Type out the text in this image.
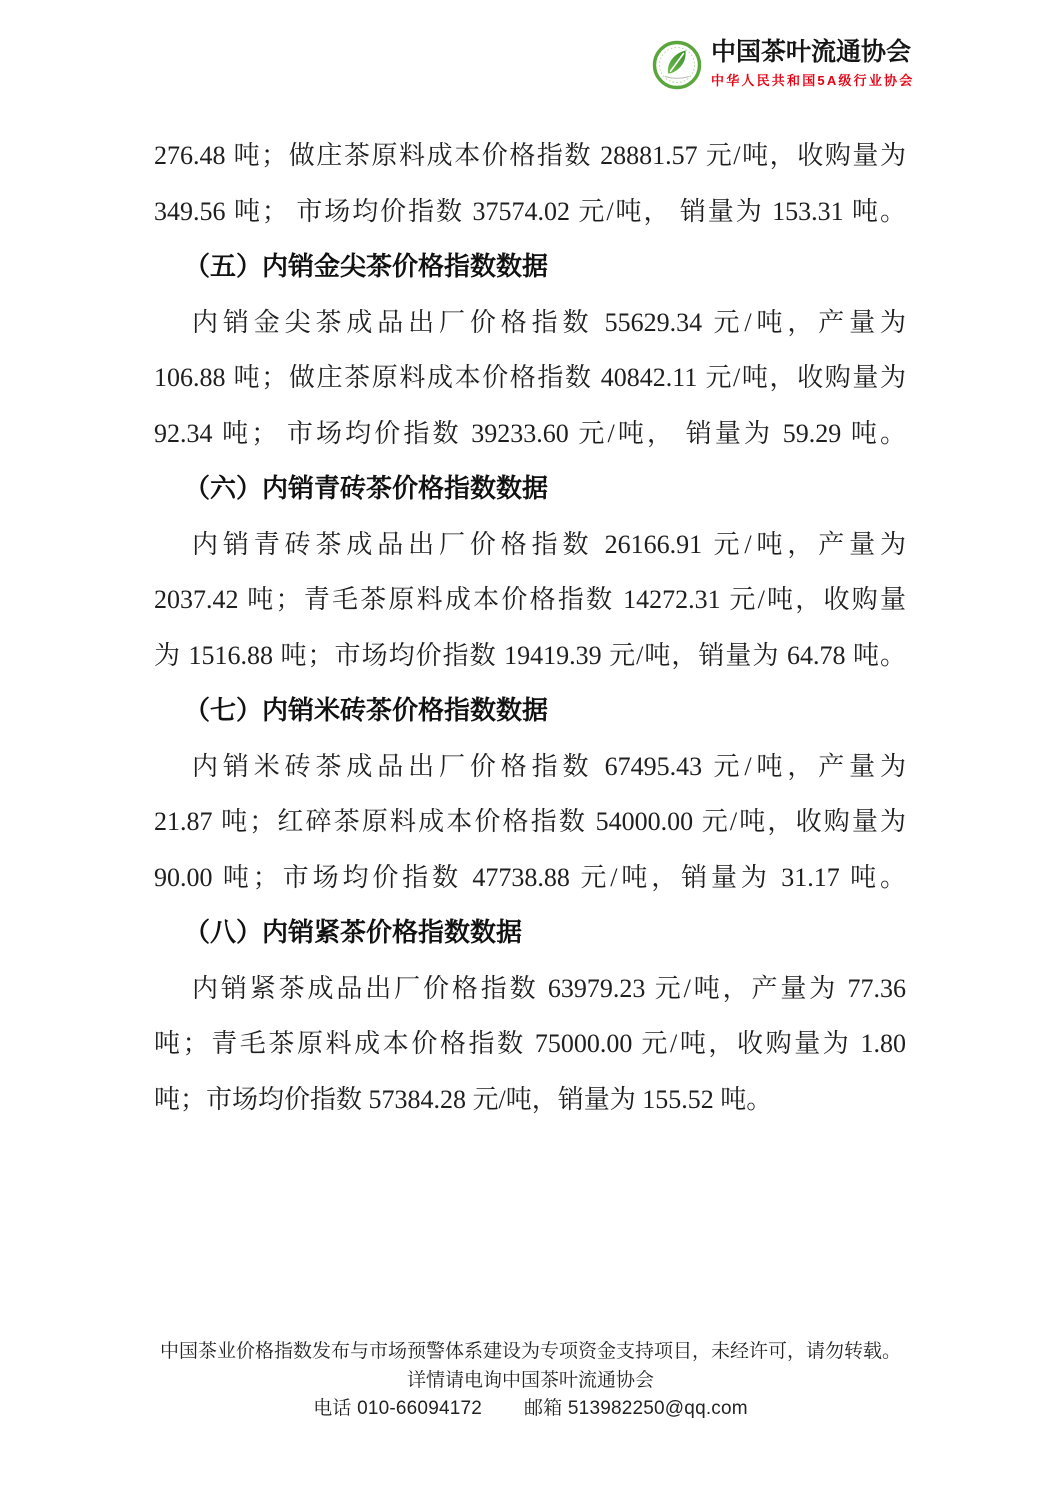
中国茶叶流通协会
中华人民共和国5A级行业协会
276.48 吨；做庄茶原料成本价格指数 28881.57 元/吨，收购量为
349.56 吨； 市场均价指数 37574.02 元/吨， 销量为 153.31 吨。
（五）内销金尖茶价格指数数据
内销金尖茶成品出厂价格指数 55629.34 元/吨，产量为
106.88 吨；做庄茶原料成本价格指数 40842.11 元/吨，收购量为
92.34 吨； 市场均价指数 39233.60 元/吨， 销量为 59.29 吨。
（六）内销青砖茶价格指数数据
内销青砖茶成品出厂价格指数 26166.91 元/吨，产量为
2037.42 吨；青毛茶原料成本价格指数 14272.31 元/吨，收购量
为 1516.88 吨；市场均价指数 19419.39 元/吨，销量为 64.78 吨。
（七）内销米砖茶价格指数数据
内销米砖茶成品出厂价格指数 67495.43 元/吨，产量为
21.87 吨；红碎茶原料成本价格指数 54000.00 元/吨，收购量为
90.00 吨；市场均价指数 47738.88 元/吨，销量为 31.17 吨。
（八）内销紧茶价格指数数据
内销紧茶成品出厂价格指数 63979.23 元/吨，产量为 77.36
吨；青毛茶原料成本价格指数 75000.00 元/吨，收购量为 1.80
吨；市场均价指数 57384.28 元/吨，销量为 155.52 吨。
中国茶业价格指数发布与市场预警体系建设为专项资金支持项目，未经许可，请勿转载。
详情请电询中国茶叶流通协会
电话 010-66094172 邮箱 513982250@qq.com
